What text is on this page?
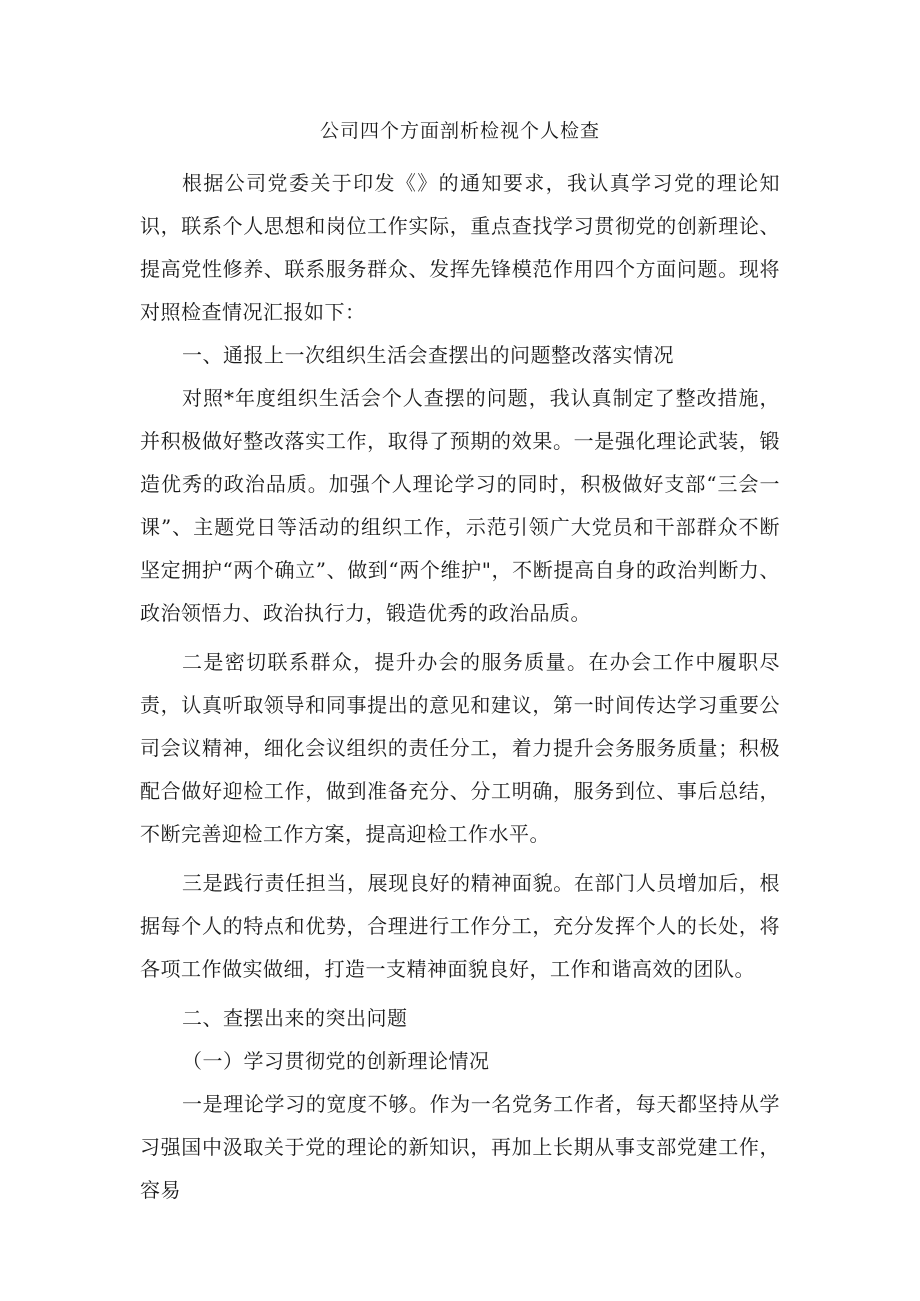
公司四个方面剖析检视个人检查

根据公司党委关于印发《》的通知要求，我认真学习党的理论知识，联系个人思想和岗位工作实际，重点查找学习贯彻党的创新理论、提高党性修养、联系服务群众、发挥先锋模范作用四个方面问题。现将对照检查情况汇报如下：

一、通报上一次组织生活会查摆出的问题整改落实情况

对照*年度组织生活会个人查摆的问题，我认真制定了整改措施，并积极做好整改落实工作，取得了预期的效果。一是强化理论武装，锻造优秀的政治品质。加强个人理论学习的同时，积极做好支部“三会一课”、主题党日等活动的组织工作，示范引领广大党员和干部群众不断坚定拥护“两个确立”、做到“两个维护"，不断提高自身的政治判断力、政治领悟力、政治执行力，锻造优秀的政治品质。

二是密切联系群众，提升办会的服务质量。在办会工作中履职尽责，认真听取领导和同事提出的意见和建议，第一时间传达学习重要公司会议精神，细化会议组织的责任分工，着力提升会务服务质量；积极配合做好迎检工作，做到准备充分、分工明确，服务到位、事后总结，不断完善迎检工作方案，提高迎检工作水平。

三是践行责任担当，展现良好的精神面貌。在部门人员增加后，根据每个人的特点和优势，合理进行工作分工，充分发挥个人的长处，将各项工作做实做细，打造一支精神面貌良好，工作和谐高效的团队。

二、查摆出来的突出问题

（一）学习贯彻党的创新理论情况

一是理论学习的宽度不够。作为一名党务工作者，每天都坚持从学习强国中汲取关于党的理论的新知识，再加上长期从事支部党建工作，容易
